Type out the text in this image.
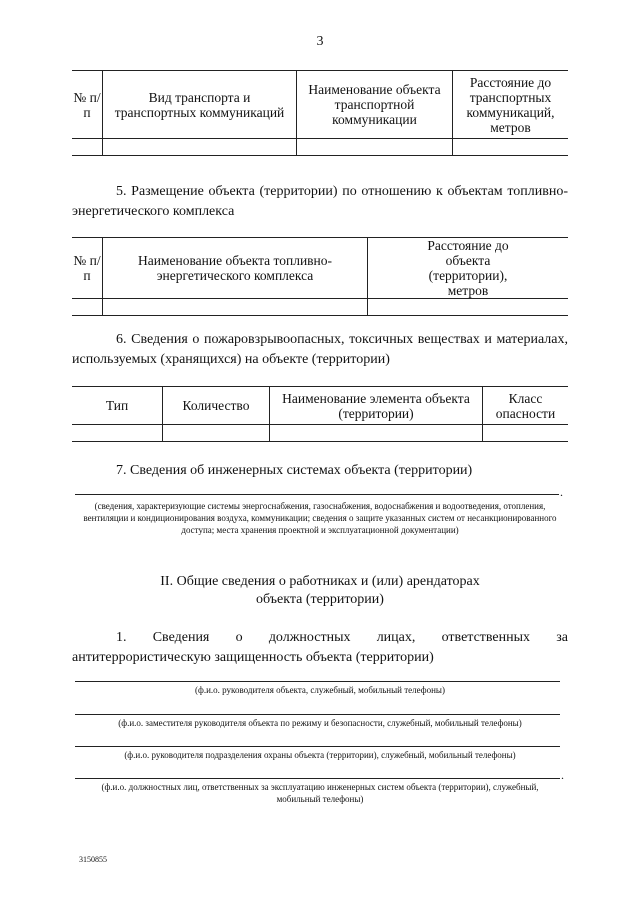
3
№ п/п	Вид транспорта и транспортных коммуникаций	Наименование объекта транспортной коммуникации	Расстояние до транспортных коммуникаций, метров

5. Размещение объекта (территории) по отношению к объектам топливно-энергетического комплекса
№ п/п	Наименование объекта топливно-энергетического комплекса	Расстояние до объекта (территории), метров

6. Сведения о пожаровзрывоопасных, токсичных веществах и материалах, используемых (хранящихся) на объекте (территории)
Тип	Количество	Наименование элемента объекта (территории)	Класс опасности

7. Сведения об инженерных системах объекта (территории)
.
(сведения, характеризующие системы энергоснабжения, газоснабжения, водоснабжения и водоотведения, отопления, вентиляции и кондиционирования воздуха, коммуникации; сведения о защите указанных систем от несанкционированного доступа; места хранения проектной и эксплуатационной документации)
II. Общие сведения о работниках и (или) арендаторах
объекта (территории)
1. Сведения о должностных лицах, ответственных за антитеррористическую защищенность объекта (территории)
(ф.и.о. руководителя объекта, служебный, мобильный телефоны)
(ф.и.о. заместителя руководителя объекта по режиму и безопасности, служебный, мобильный телефоны)
(ф.и.о. руководителя подразделения охраны объекта (территории), служебный, мобильный телефоны)
.
(ф.и.о. должностных лиц, ответственных за эксплуатацию инженерных систем объекта (территории), служебный, мобильный телефоны)
3150855
